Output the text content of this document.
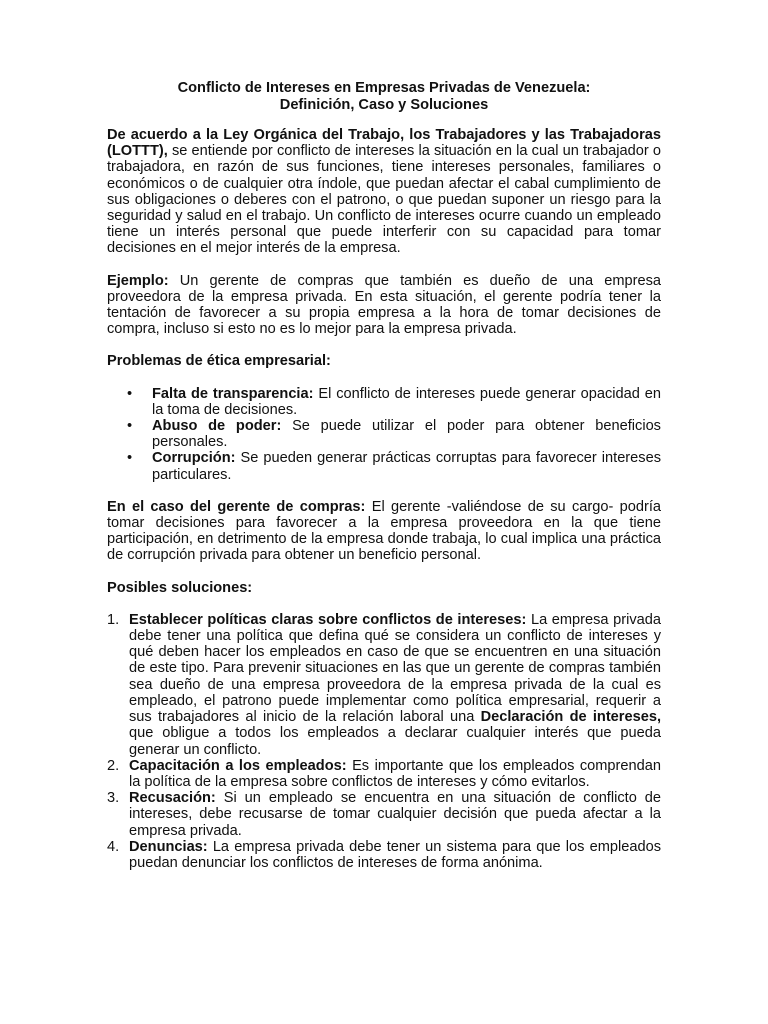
Conflicto de Intereses en Empresas Privadas de Venezuela:
Definición, Caso y Soluciones

De acuerdo a la Ley Orgánica del Trabajo, los Trabajadores y las Trabajadoras (LOTTT), se entiende por conflicto de intereses la situación en la cual un trabajador o trabajadora, en razón de sus funciones, tiene intereses personales, familiares o económicos o de cualquier otra índole, que puedan afectar el cabal cumplimiento de sus obligaciones o deberes con el patrono, o que puedan suponer un riesgo para la seguridad y salud en el trabajo. Un conflicto de intereses ocurre cuando un empleado tiene un interés personal que puede interferir con su capacidad para tomar decisiones en el mejor interés de la empresa.

Ejemplo: Un gerente de compras que también es dueño de una empresa proveedora de la empresa privada. En esta situación, el gerente podría tener la tentación de favorecer a su propia empresa a la hora de tomar decisiones de compra, incluso si esto no es lo mejor para la empresa privada.

Problemas de ética empresarial:
• Falta de transparencia: El conflicto de intereses puede generar opacidad en la toma de decisiones.
• Abuso de poder: Se puede utilizar el poder para obtener beneficios personales.
• Corrupción: Se pueden generar prácticas corruptas para favorecer intereses particulares.

En el caso del gerente de compras: El gerente -valiéndose de su cargo- podría tomar decisiones para favorecer a la empresa proveedora en la que tiene participación, en detrimento de la empresa donde trabaja, lo cual implica una práctica de corrupción privada para obtener un beneficio personal.

Posibles soluciones:
1. Establecer políticas claras sobre conflictos de intereses: La empresa privada debe tener una política que defina qué se considera un conflicto de intereses y qué deben hacer los empleados en caso de que se encuentren en una situación de este tipo. Para prevenir situaciones en las que un gerente de compras también sea dueño de una empresa proveedora de la empresa privada de la cual es empleado, el patrono puede implementar como política empresarial, requerir a sus trabajadores al inicio de la relación laboral una Declaración de intereses, que obligue a todos los empleados a declarar cualquier interés que pueda generar un conflicto.
2. Capacitación a los empleados: Es importante que los empleados comprendan la política de la empresa sobre conflictos de intereses y cómo evitarlos.
3. Recusación: Si un empleado se encuentra en una situación de conflicto de intereses, debe recusarse de tomar cualquier decisión que pueda afectar a la empresa privada.
4. Denuncias: La empresa privada debe tener un sistema para que los empleados puedan denunciar los conflictos de intereses de forma anónima.
